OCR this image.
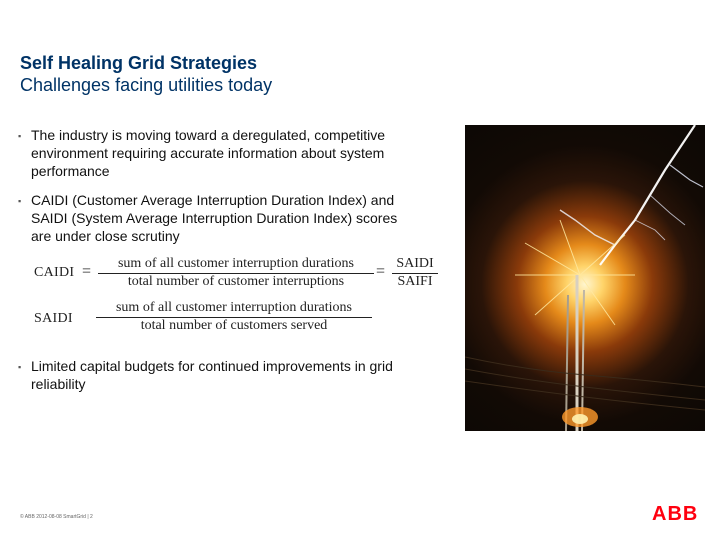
Self Healing Grid Strategies
Challenges facing utilities today
▪ The industry is moving toward a deregulated, competitive environment requiring accurate information about system performance
▪ CAIDI (Customer Average Interruption Duration Index) and SAIDI (System Average Interruption Duration Index) scores are under close scrutiny
▪ Limited capital budgets for continued improvements in grid reliability
CAIDI =	sum of all customer interruption durations
total number of customer interruptions
= SAIDI
SAIFI
SAIDI
sum of all customer interruption durations
total number of customers served
© ABB 2012-08-08 SmartGrid | 2	ABB
